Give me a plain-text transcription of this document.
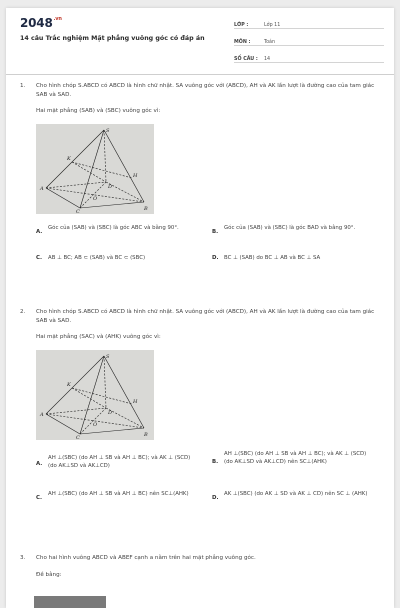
$2048^{.vn}$
14 câu Trắc nghiệm Mặt phẳng vuông góc có đáp án
LỚP :	Lớp 11
MÔN :	Toán
SỐ CÂU :	14
1. Cho hình chóp S.ABCD có ABCD là hình chữ nhật. SA vuông góc với (ABCD), AH và AK lần lượt là đường cao của tam giác SAB và SAD.
Hai mặt phẳng (SAB) và (SBC) vuông góc vì:
S
A
C	B
D
K
H
O
A.
Góc của (SAB) và (SBC) là góc ABC và bằng 90°.
B.
Góc của (SAB) và (SBC) là góc BAD và bằng 90°.
C. AB ⊥ BC; AB ⊂ (SAB) và BC ⊂ (SBC)	D. BC ⊥ (SAB) do BC ⊥ AB và BC ⊥ SA
2. Cho hình chóp S.ABCD có ABCD là hình chữ nhật. SA vuông góc với (ABCD), AH và AK lần lượt là đường cao của tam giác SAB và SAD.
Hai mặt phẳng (SAC) và (AHK) vuông góc vì:
S
A
C	B
D
K
H
O
A.
AH ⊥(SBC) (do AH ⊥ SB và AH ⊥ BC); và AK ⊥ (SCD) (do AK⊥SD và AK⊥CD)
B.
AH ⊥(SBC) (do AH ⊥ SB và AH ⊥ BC); và AK ⊥ (SCD) (do AK⊥SD và AK⊥CD) nên SC⊥(AHK)
C.
AH ⊥(SBC) (do AH ⊥ SB và AH ⊥ BC) nên SC⊥(AHK)
D.
AK ⊥(SBC) (do AK ⊥ SD và AK ⊥ CD) nên SC ⊥ (AHK)
3. Cho hai hình vuông ABCD và ABEF cạnh a nằm trên hai mặt phẳng vuông góc.
Đề bằng:
